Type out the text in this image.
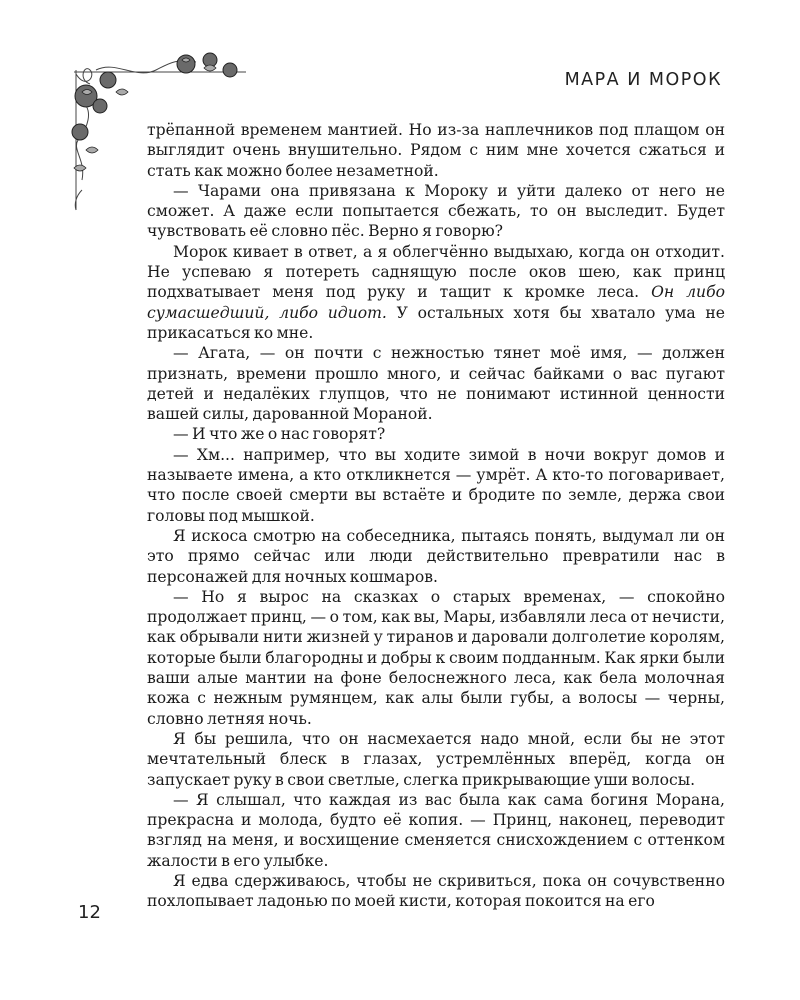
МАРА И МОРОК

трёпанной временем мантией. Но из-за наплечников под плащом он выглядит очень внушительно. Рядом с ним мне хочется сжаться и стать как можно более незаметной.

— Чарами она привязана к Мороку и уйти далеко от него не сможет. А даже если попытается сбежать, то он выследит. Будет чувствовать её словно пёс. Верно я говорю?

Морок кивает в ответ, а я облегчённо выдыхаю, когда он отходит. Не успеваю я потереть саднящую после оков шею, как принц подхватывает меня под руку и тащит к кромке леса. Он либо сумасшедший, либо идиот. У остальных хотя бы хватало ума не прикасаться ко мне.

— Агата, — он почти с нежностью тянет моё имя, — должен признать, времени прошло много, и сейчас байками о вас пугают детей и недалёких глупцов, что не понимают истинной ценности вашей силы, дарованной Мораной.

— И что же о нас говорят?

— Хм... например, что вы ходите зимой в ночи вокруг домов и называете имена, а кто откликнется — умрёт. А кто-то поговаривает, что после своей смерти вы встаёте и бродите по земле, держа свои головы под мышкой.

Я искоса смотрю на собеседника, пытаясь понять, выдумал ли он это прямо сейчас или люди действительно превратили нас в персонажей для ночных кошмаров.

— Но я вырос на сказках о старых временах, — спокойно продолжает принц, — о том, как вы, Мары, избавляли леса от нечисти, как обрывали нити жизней у тиранов и даровали долголетие королям, которые были благородны и добры к своим подданным. Как ярки были ваши алые мантии на фоне белоснежного леса, как бела молочная кожа с нежным румянцем, как алы были губы, а волосы — черны, словно летняя ночь.

Я бы решила, что он насмехается надо мной, если бы не этот мечтательный блеск в глазах, устремлённых вперёд, когда он запускает руку в свои светлые, слегка прикрывающие уши волосы.

— Я слышал, что каждая из вас была как сама богиня Морана, прекрасна и молода, будто её копия. — Принц, наконец, переводит взгляд на меня, и восхищение сменяется снисхождением с оттенком жалости в его улыбке.

Я едва сдерживаюсь, чтобы не скривиться, пока он сочувственно похлопывает ладонью по моей кисти, которая покоится на его

12
